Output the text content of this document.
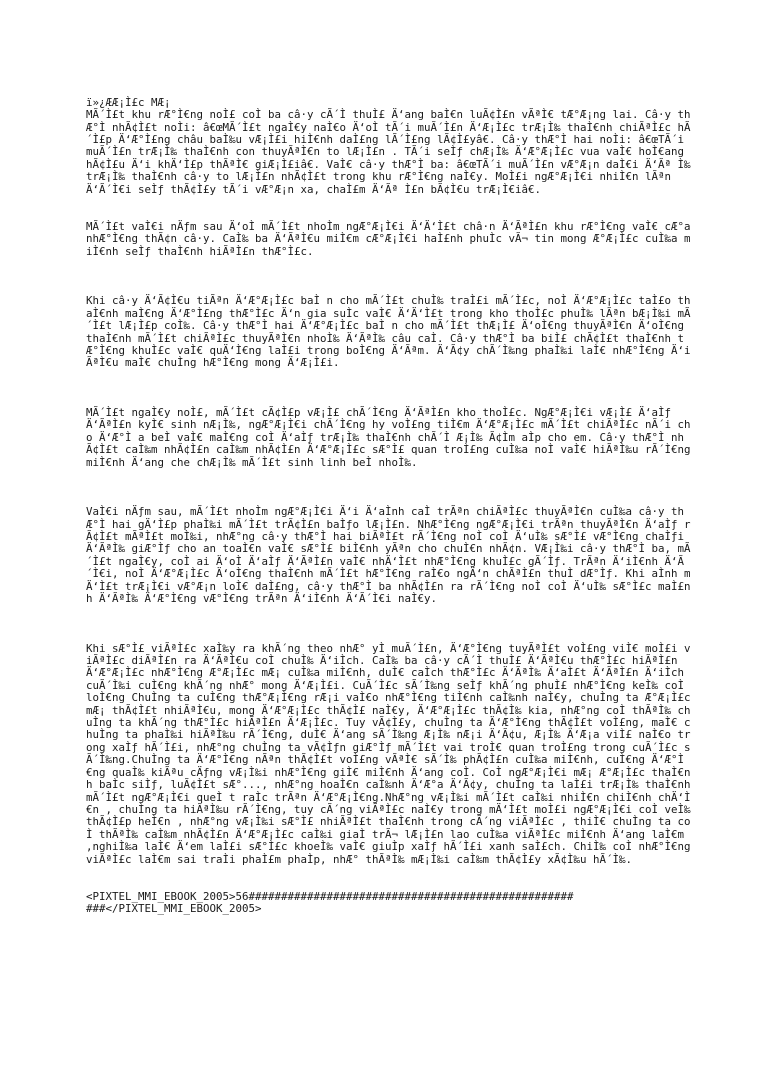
ï»¿ÆÆ¡Ì£c MÆ¡
MÃ´Ì£t khu rÆ°Ì€ng noÌ£ coÌ ba câ·y cÃ´Ì thuÌ£ Ä‘ang baÌ€n luÃ¢Ì£n vÃªÌ€ tÆ°Æ¡ng lai. Câ·y thÆ°Ì nhÃ¢Ì£t noÌi: â€œMÃ´Ì£t ngaÌ€y naÌ€o Ä‘oÌ tÃ´i muÃ´Ì£n Ä‘Æ¡Ì£c trÆ¡Ì‰ thaÌ€nh chiÃªÌ£c hÃ´Ì£p Ä‘Æ°Ì£ng châu baÌ‰u vÆ¡Ì£i hiÌ€nh daÌ£ng lÃ´Ì£ng lÃ¢Ì£yâ€. Câ·y thÆ°Ì hai noÌi: â€œTÃ´i muÃ´Ì£n trÆ¡Ì‰ thaÌ€nh con thuyÃªÌ€n to lÆ¡Ì£n . TÃ´i seÌƒ chÆ¡Ì‰ Ä‘Æ°Æ¡Ì£c vua vaÌ€ hoÌ€ang hÃ¢Ì£u Ä‘i khÄ‘Ì£p thÃªÌ€ giÆ¡Ì£iâ€. VaÌ€ câ·y thÆ°Ì ba: â€œTÃ´i muÃ´Ì£n vÆ°Æ¡n daÌ€i Ä‘Ãª Ì‰ trÆ¡Ì‰ thaÌ€nh câ·y to lÆ¡Ì£n nhÃ¢Ì£t trong khu rÆ°Ì€ng naÌ€y. MoÌ£i ngÆ°Æ¡Ì€i nhiÌ€n lÃªn Ä‘Ã´Ì€i seÌƒ thÃ¢Ì£y tÃ´i vÆ°Æ¡n xa, chaÌ£m Ä‘Ãª Ì£n bÃ¢Ì€u trÆ¡Ì€iâ€.

MÃ´Ì£t vaÌ€i nÄƒm sau Ä‘oÌ mÃ´Ì£t nhoÌm ngÆ°Æ¡Ì€i Ä‘Ä‘Ì£t châ·n Ä‘ÃªÌ£n khu rÆ°Ì€ng vaÌ€ cÆ°a nhÆ°Ì€ng thÃ¢n câ·y. CaÌ‰ ba Ä‘ÃªÌ€u miÌ€m cÆ°Æ¡Ì€i haÌ£nh phuÌc vÃ¬ tin mong Æ°Æ¡Ì£c cuÌ‰a miÌ€nh seÌƒ thaÌ€nh hiÃªÌ£n thÆ°Ì£c.

Khi câ·y Ä‘Ã¢Ì€u tiÃªn Ä‘Æ°Æ¡Ì£c baÌ n cho mÃ´Ì£t chuÌ‰ traÌ£i mÃ´Ì£c, noÌ Ä‘Æ°Æ¡Ì£c taÌ£o thaÌ€nh maÌ€ng Ä‘Æ°Ì£ng thÆ°Ì£c Ä‘n gia suÌc vaÌ€ Ä‘Ä‘Ì£t trong kho thoÌ£c phuÌ‰ lÃªn bÆ¡Ì‰i mÃ´Ì£t lÆ¡Ì£p coÌ‰. Câ·y thÆ°Ì hai Ä‘Æ°Æ¡Ì£c baÌ n cho mÃ´Ì£t thÆ¡Ì£ Ä‘oÌ€ng thuyÃªÌ€n Ä‘oÌ€ng thaÌ€nh mÃ´Ì£t chiÃªÌ£c thuyÃªÌ€n nhoÌ‰ Ä‘ÃªÌ‰ câu caÌ. Câ·y thÆ°Ì ba biÌ£ chÃ¢Ì£t thaÌ€nh tÆ°Ì€ng khuÌ£c vaÌ€ quÄ‘Ì€ng laÌ£i trong boÌ€ng Ä‘Ãªm. Ä‘Ã¢y chÃ´Ì‰ng phaÌ‰i laÌ€ nhÆ°Ì€ng Ä‘iÃªÌ€u maÌ€ chuÌng hÆ°Ì€ng mong Ä‘Æ¡Ì£i.

MÃ´Ì£t ngaÌ€y noÌ£, mÃ´Ì£t cÃ¢Ì£p vÆ¡Ì£ chÃ´Ì€ng Ä‘ÃªÌ£n kho thoÌ£c. NgÆ°Æ¡Ì€i vÆ¡Ì£ Ä‘aÌƒ Ä‘ÃªÌ£n kyÌ€ sinh nÆ¡Ì‰, ngÆ°Æ¡Ì€i chÃ´Ì€ng hy voÌ£ng tiÌ€m Ä‘Æ°Æ¡Ì£c mÃ´Ì£t chiÃªÌ£c nÃ´i cho Ä‘Æ°Ì a beÌ vaÌ€ maÌ€ng coÌ Ä‘aÌƒ trÆ¡Ì‰ thaÌ€nh chÃ´Ì Æ¡Ì‰ Ã¢Ìm aÌp cho em. Câ·y thÆ°Ì nhÃ¢Ì£t caÌ‰m nhÃ¢Ì£n caÌ‰m nhÃ¢Ì£n Ä‘Æ°Æ¡Ì£c sÆ°Ì£ quan troÌ£ng cuÌ‰a noÌ vaÌ€ hiÃªÌ‰u rÃ´Ì€ng miÌ€nh Ä‘ang che chÆ¡Ì‰ mÃ´Ì£t sinh linh beÌ nhoÌ‰.

VaÌ€i nÄƒm sau, mÃ´Ì£t nhoÌm ngÆ°Æ¡Ì€i Ä‘i Ä‘aÌnh caÌ trÃªn chiÃªÌ£c thuyÃªÌ€n cuÌ‰a câ·y thÆ°Ì hai gÄ‘Ì£p phaÌ‰i mÃ´Ì£t trÃ¢Ì£n baÌƒo lÆ¡Ì£n. NhÆ°Ì€ng ngÆ°Æ¡Ì€i trÃªn thuyÃªÌ€n Ä‘aÌƒ rÃ¢Ì£t mÃªÌ£t moÌ‰i, nhÆ°ng câ·y thÆ°Ì hai biÃªÌ£t rÃ´Ì€ng noÌ coÌ Ä‘uÌ‰ sÆ°Ì£ vÆ°Ì€ng chaÌƒi Ä‘ÃªÌ‰ giÆ°Ìƒ cho an toaÌ€n vaÌ€ sÆ°Ì£ biÌ€nh yÃªn cho chuÌ€n nhÃ¢n. VÆ¡Ì‰i câ·y thÆ°Ì ba, mÃ´Ì£t ngaÌ€y, coÌ ai Ä‘oÌ Ä‘aÌƒ Ä‘ÃªÌ£n vaÌ€ nhÄ‘Ì£t nhÆ°Ì€ng khuÌ£c gÃ´Ìƒ. TrÃªn Ä‘iÌ€nh Ä‘Ã´Ì€i, noÌ Ä‘Æ°Æ¡Ì£c Ä‘oÌ€ng thaÌ€nh mÃ´Ì£t hÆ°Ì€ng raÌ€o ngÄ‘n chÃªÌ£n thuÌ dÆ°Ìƒ. Khi aÌnh mÄ‘Ì£t trÆ¡Ì€i vÆ°Æ¡n loÌ€ daÌ£ng, câ·y thÆ°Ì ba nhÃ¢Ì£n ra rÃ´Ì€ng noÌ coÌ Ä‘uÌ‰ sÆ°Ì£c maÌ£nh Ä‘ÃªÌ‰ Ä‘Æ°Ì€ng vÆ°Ì€ng trÃªn Ä‘iÌ€nh Ä‘Ã´Ì€i naÌ€y.

Khi sÆ°Ì£ viÃªÌ£c xaÌ‰y ra khÃ´ng theo nhÆ° yÌ muÃ´Ì£n, Ä‘Æ°Ì€ng tuyÃªÌ£t voÌ£ng viÌ€ moÌ£i viÃªÌ£c diÃªÌ£n ra Ä‘ÃªÌ€u coÌ chuÌ‰ Ä‘iÌch. CaÌ‰ ba câ·y cÃ´Ì thuÌ£ Ä‘ÃªÌ€u thÆ°Ì£c hiÃªÌ£n Ä‘Æ°Æ¡Ì£c nhÆ°Ì€ng Æ°Æ¡Ì£c mÆ¡ cuÌ‰a miÌ€nh, duÌ€ caÌch thÆ°Ì£c Ä‘ÃªÌ‰ Ä‘aÌ£t Ä‘ÃªÌ£n Ä‘iÌch cuÃ´Ì‰i cuÌ€ng khÃ´ng nhÆ° mong Ä‘Æ¡Ì£i. CuÃ´Ì£c sÃ´Ì‰ng seÌƒ khÃ´ng phuÌ£ nhÆ°Ì€ng keÌ‰ coÌ loÌ€ng ChuÌng ta cuÌ€ng thÆ°Æ¡Ì€ng rÆ¡i vaÌ€o nhÆ°Ì€ng tiÌ€nh caÌ‰nh naÌ€y, chuÌng ta Æ°Æ¡Ì£c mÆ¡ thÃ¢Ì£t nhiÃªÌ€u, mong Ä‘Æ°Æ¡Ì£c thÃ¢Ì£ naÌ€y, Ä‘Æ°Æ¡Ì£c thÃ¢Ì‰ kia, nhÆ°ng coÌ thÃªÌ‰ chuÌng ta khÃ´ng thÆ°Ì£c hiÃªÌ£n Ä‘Æ¡Ì£c. Tuy vÃ¢Ì£y, chuÌng ta Ä‘Æ°Ì€ng thÃ¢Ì£t voÌ£ng, maÌ€ chuÌng ta phaÌ‰i hiÃªÌ‰u rÃ´Ì€ng, duÌ€ Ä‘ang sÃ´Ì‰ng Æ¡Ì‰ nÆ¡i Ä‘Ã¢u, Æ¡Ì‰ Ä‘Æ¡a viÌ£ naÌ€o trong xaÌƒ hÃ´Ì£i, nhÆ°ng chuÌng ta vÃ¢Ìƒn giÆ°Ìƒ mÃ´Ì£t vai troÌ€ quan troÌ£ng trong cuÃ´Ì£c sÃ´Ì‰ng.ChuÌng ta Ä‘Æ°Ì€ng nÃªn thÃ¢Ì£t voÌ£ng vÃªÌ€ sÃ´Ì‰ phÃ¢Ì£n cuÌ‰a miÌ€nh, cuÌ€ng Ä‘Æ°Ì€ng quaÌ‰ kiÃªu cÄƒng vÆ¡Ì‰i nhÆ°Ì€ng giÌ€ miÌ€nh Ä‘ang coÌ. CoÌ ngÆ°Æ¡Ì€i mÆ¡ Æ°Æ¡Ì£c thaÌ€nh baÌc siÌƒ, luÃ¢Ì£t sÆ°..., nhÆ°ng hoaÌ€n caÌ‰nh Ä‘Æ°a Ä‘Ã¢y, chuÌng ta laÌ£i trÆ¡Ì‰ thaÌ€nh mÃ´Ì£t ngÆ°Æ¡Ì€i queÌ t raÌc trÃªn Ä‘Æ°Æ¡Ì€ng.NhÆ°ng vÆ¡Ì‰i mÃ´Ì£t caÌ‰i nhiÌ€n chiÌ€nh chÄ‘Ì€n , chuÌng ta hiÃªÌ‰u rÃ´Ì€ng, tuy cÃ´ng viÃªÌ£c naÌ€y trong mÄ‘Ì£t moÌ£i ngÆ°Æ¡Ì€i coÌ veÌ‰ thÃ¢Ì£p heÌ€n , nhÆ°ng vÆ¡Ì‰i sÆ°Ì£ nhiÃªÌ£t thaÌ€nh trong cÃ´ng viÃªÌ£c , thiÌ€ chuÌng ta coÌ thÃªÌ‰ caÌ‰m nhÃ¢Ì£n Ä‘Æ°Æ¡Ì£c caÌ‰i giaÌ trÃ¬ lÆ¡Ì£n lao cuÌ‰a viÃªÌ£c miÌ€nh Ä‘ang laÌ€m ,nghiÌ‰a laÌ€ Ä‘em laÌ£i sÆ°Ì£c khoeÌ‰ vaÌ€ giuÌp xaÌƒ hÃ´Ì£i xanh saÌ£ch. ChiÌ‰ coÌ nhÆ°Ì€ng viÃªÌ£c laÌ€m sai traÌi phaÌ£m phaÌp, nhÆ° thÃªÌ‰ mÆ¡Ì‰i caÌ‰m thÃ¢Ì£y xÃ¢Ì‰u hÃ´Ì‰.

<PIXTEL_MMI_EBOOK_2005>56##################################################
###</PIXTEL_MMI_EBOOK_2005>
